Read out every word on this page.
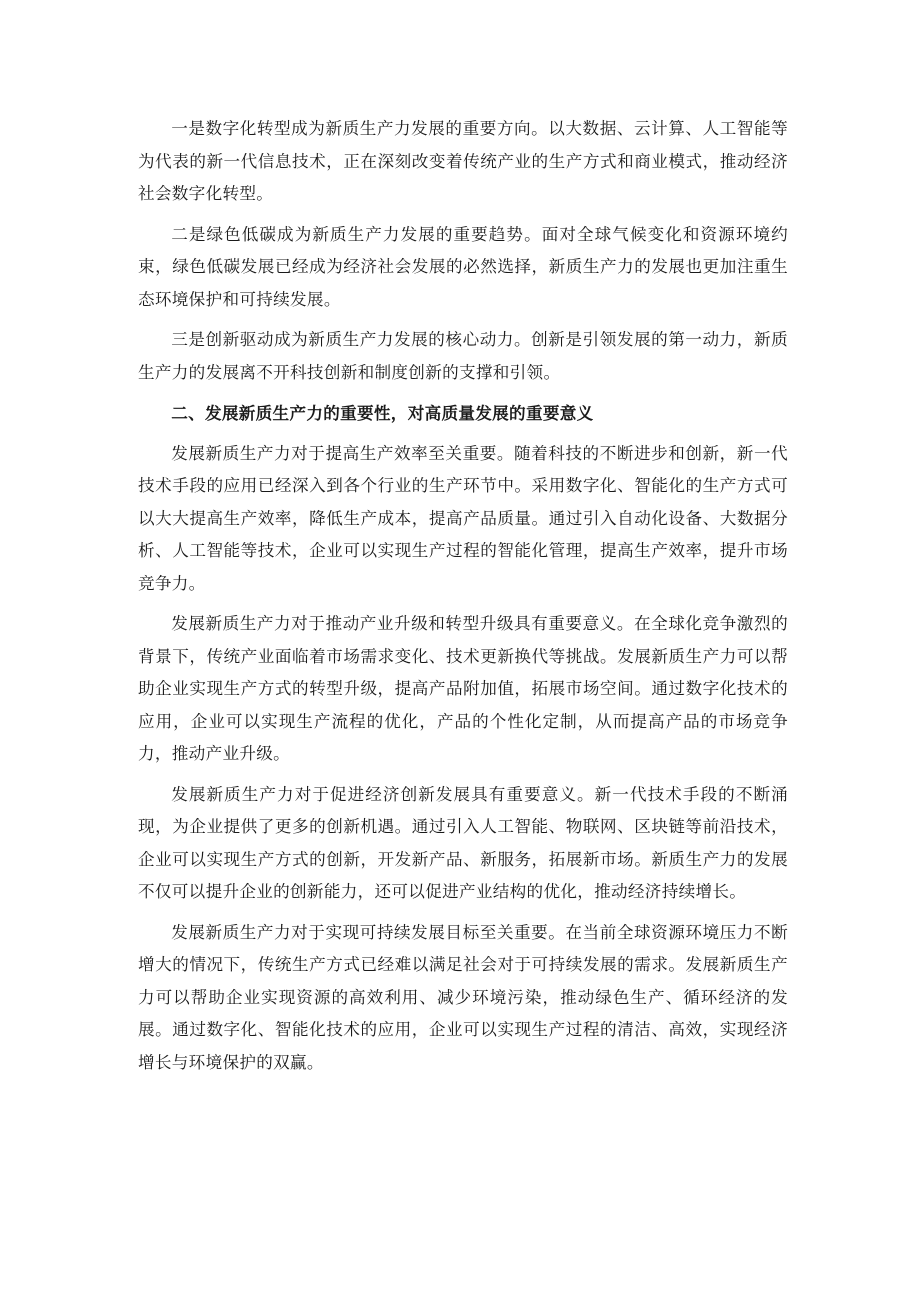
一是数字化转型成为新质生产力发展的重要方向。以大数据、云计算、人工智能等为代表的新一代信息技术，正在深刻改变着传统产业的生产方式和商业模式，推动经济社会数字化转型。

二是绿色低碳成为新质生产力发展的重要趋势。面对全球气候变化和资源环境约束，绿色低碳发展已经成为经济社会发展的必然选择，新质生产力的发展也更加注重生态环境保护和可持续发展。

三是创新驱动成为新质生产力发展的核心动力。创新是引领发展的第一动力，新质生产力的发展离不开科技创新和制度创新的支撑和引领。

二、发展新质生产力的重要性，对高质量发展的重要意义

发展新质生产力对于提高生产效率至关重要。随着科技的不断进步和创新，新一代技术手段的应用已经深入到各个行业的生产环节中。采用数字化、智能化的生产方式可以大大提高生产效率，降低生产成本，提高产品质量。通过引入自动化设备、大数据分析、人工智能等技术，企业可以实现生产过程的智能化管理，提高生产效率，提升市场竞争力。

发展新质生产力对于推动产业升级和转型升级具有重要意义。在全球化竞争激烈的背景下，传统产业面临着市场需求变化、技术更新换代等挑战。发展新质生产力可以帮助企业实现生产方式的转型升级，提高产品附加值，拓展市场空间。通过数字化技术的应用，企业可以实现生产流程的优化，产品的个性化定制，从而提高产品的市场竞争力，推动产业升级。

发展新质生产力对于促进经济创新发展具有重要意义。新一代技术手段的不断涌现，为企业提供了更多的创新机遇。通过引入人工智能、物联网、区块链等前沿技术，企业可以实现生产方式的创新，开发新产品、新服务，拓展新市场。新质生产力的发展不仅可以提升企业的创新能力，还可以促进产业结构的优化，推动经济持续增长。

发展新质生产力对于实现可持续发展目标至关重要。在当前全球资源环境压力不断增大的情况下，传统生产方式已经难以满足社会对于可持续发展的需求。发展新质生产力可以帮助企业实现资源的高效利用、减少环境污染，推动绿色生产、循环经济的发展。通过数字化、智能化技术的应用，企业可以实现生产过程的清洁、高效，实现经济增长与环境保护的双赢。
